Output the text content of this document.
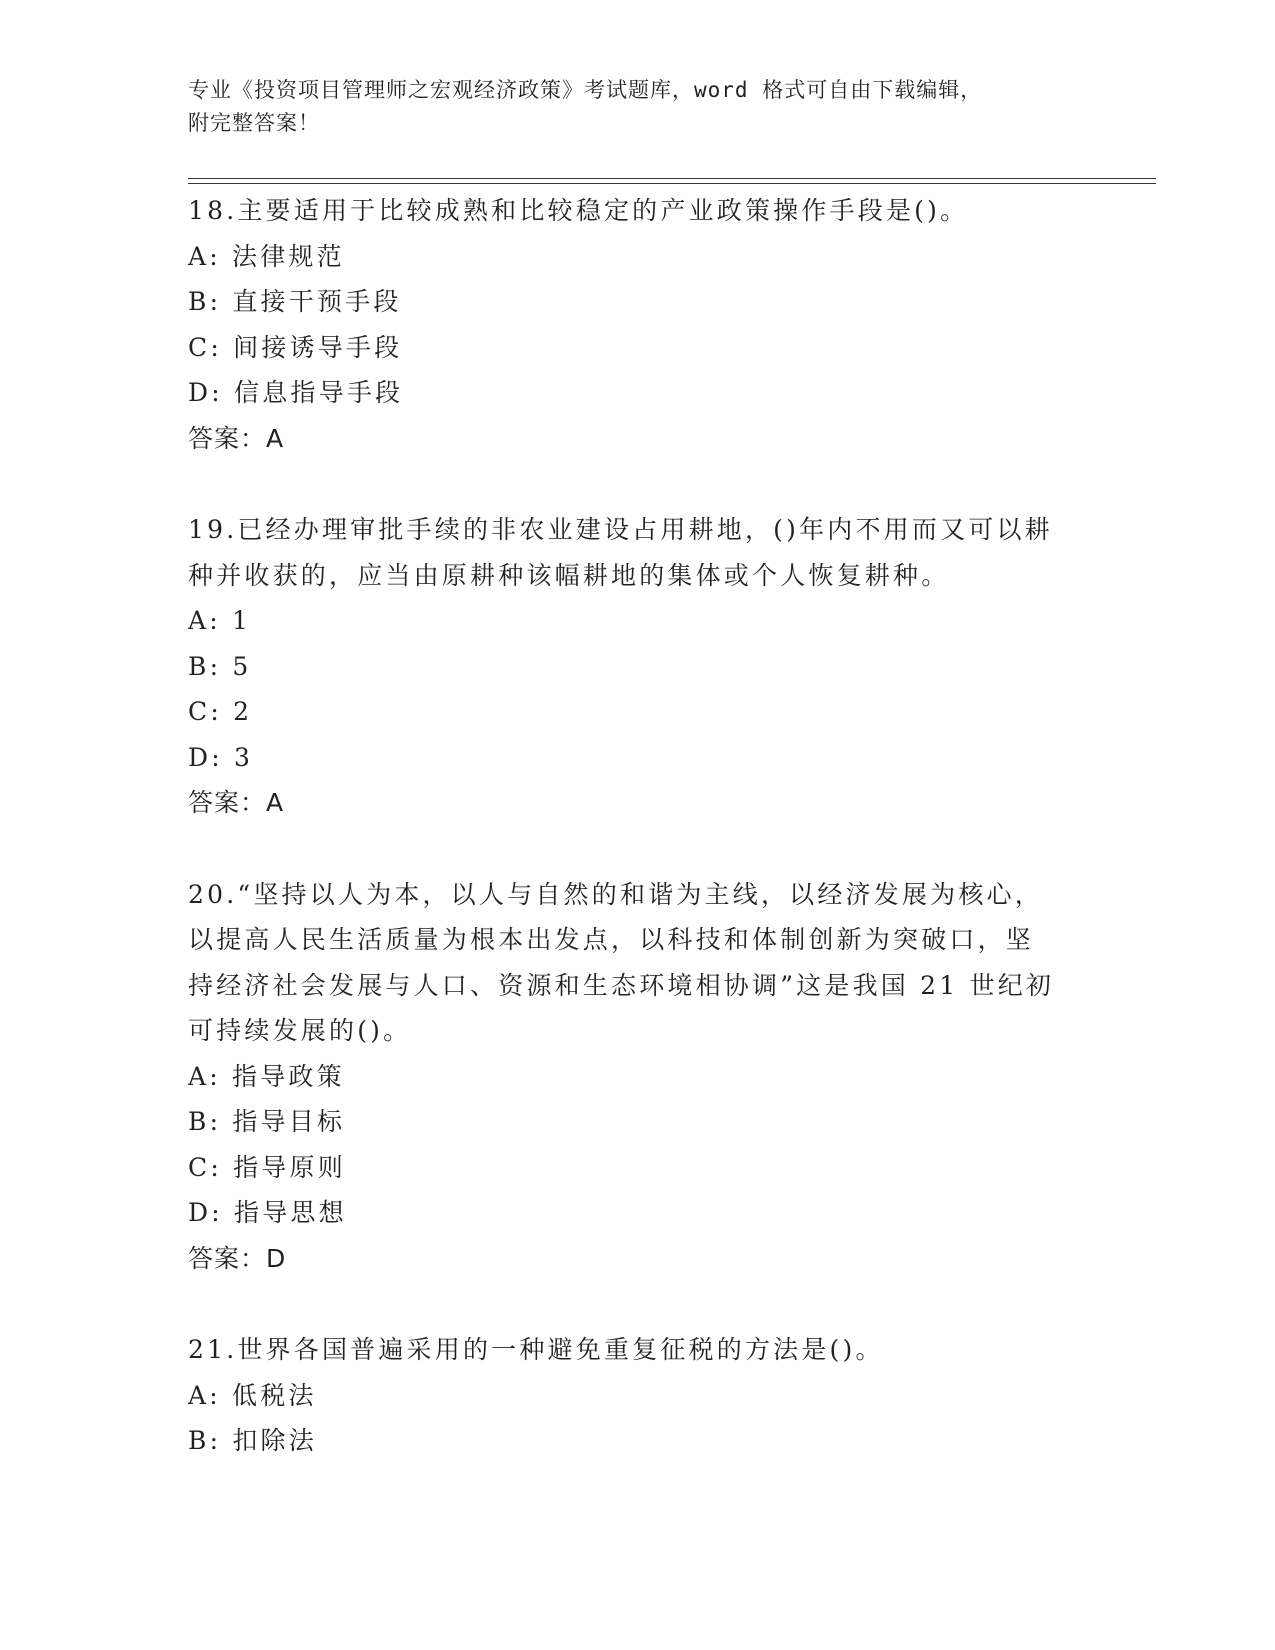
专业《投资项目管理师之宏观经济政策》考试题库，word 格式可自由下载编辑，
附完整答案！
18.主要适用于比较成熟和比较稳定的产业政策操作手段是()。
A: 法律规范
B: 直接干预手段
C: 间接诱导手段
D: 信息指导手段
答案：A
19.已经办理审批手续的非农业建设占用耕地，()年内不用而又可以耕
种并收获的，应当由原耕种该幅耕地的集体或个人恢复耕种。
A: 1
B: 5
C: 2
D: 3
答案：A
20.“坚持以人为本，以人与自然的和谐为主线，以经济发展为核心，
以提高人民生活质量为根本出发点，以科技和体制创新为突破口，坚
持经济社会发展与人口、资源和生态环境相协调”这是我国 21 世纪初
可持续发展的()。
A: 指导政策
B: 指导目标
C: 指导原则
D: 指导思想
答案：D
21.世界各国普遍采用的一种避免重复征税的方法是()。
A: 低税法
B: 扣除法
